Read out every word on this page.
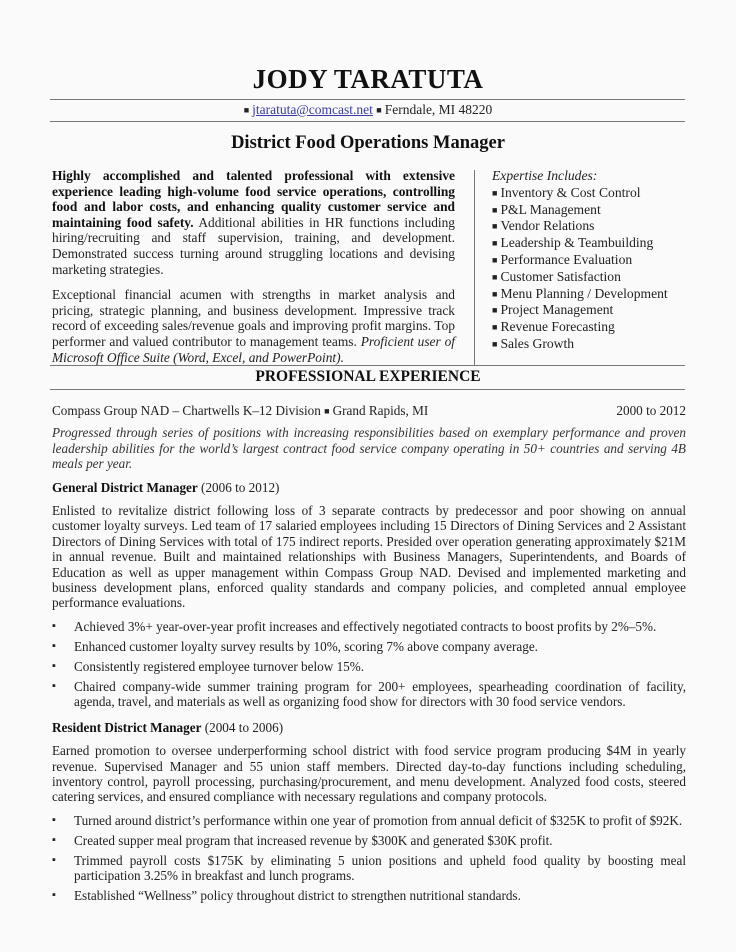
JODY TARATUTA
■ jtaratuta@comcast.net ■ Ferndale, MI 48220
District Food Operations Manager

Highly accomplished and talented professional with extensive experience leading high-volume food service operations, controlling food and labor costs, and enhancing quality customer service and maintaining food safety. Additional abilities in HR functions including hiring/recruiting and staff supervision, training, and development. Demonstrated success turning around struggling locations and devising marketing strategies.

Exceptional financial acumen with strengths in market analysis and pricing, strategic planning, and business development. Impressive track record of exceeding sales/revenue goals and improving profit margins. Top performer and valued contributor to management teams. Proficient user of Microsoft Office Suite (Word, Excel, and PowerPoint).

Expertise Includes:
■ Inventory & Cost Control
■ P&L Management
■ Vendor Relations
■ Leadership & Teambuilding
■ Performance Evaluation
■ Customer Satisfaction
■ Menu Planning / Development
■ Project Management
■ Revenue Forecasting
■ Sales Growth
PROFESSIONAL EXPERIENCE
Compass Group NAD – Chartwells K–12 Division ■ Grand Rapids, MI	2000 to 2012

Progressed through series of positions with increasing responsibilities based on exemplary performance and proven leadership abilities for the world’s largest contract food service company operating in 50+ countries and serving 4B meals per year.

General District Manager (2006 to 2012)

Enlisted to revitalize district following loss of 3 separate contracts by predecessor and poor showing on annual customer loyalty surveys. Led team of 17 salaried employees including 15 Directors of Dining Services and 2 Assistant Directors of Dining Services with total of 175 indirect reports. Presided over operation generating approximately $21M in annual revenue. Built and maintained relationships with Business Managers, Superintendents, and Boards of Education as well as upper management within Compass Group NAD. Devised and implemented marketing and business development plans, enforced quality standards and company policies, and completed annual employee performance evaluations.

▪ Achieved 3%+ year-over-year profit increases and effectively negotiated contracts to boost profits by 2%–5%.
▪ Enhanced customer loyalty survey results by 10%, scoring 7% above company average.
▪ Consistently registered employee turnover below 15%.
▪ Chaired company-wide summer training program for 200+ employees, spearheading coordination of facility, agenda, travel, and materials as well as organizing food show for directors with 30 food service vendors.

Resident District Manager (2004 to 2006)

Earned promotion to oversee underperforming school district with food service program producing $4M in yearly revenue. Supervised Manager and 55 union staff members. Directed day-to-day functions including scheduling, inventory control, payroll processing, purchasing/procurement, and menu development. Analyzed food costs, steered catering services, and ensured compliance with necessary regulations and company protocols.

▪ Turned around district’s performance within one year of promotion from annual deficit of $325K to profit of $92K.
▪ Created supper meal program that increased revenue by $300K and generated $30K profit.
▪ Trimmed payroll costs $175K by eliminating 5 union positions and upheld food quality by boosting meal participation 3.25% in breakfast and lunch programs.
▪ Established “Wellness” policy throughout district to strengthen nutritional standards.
